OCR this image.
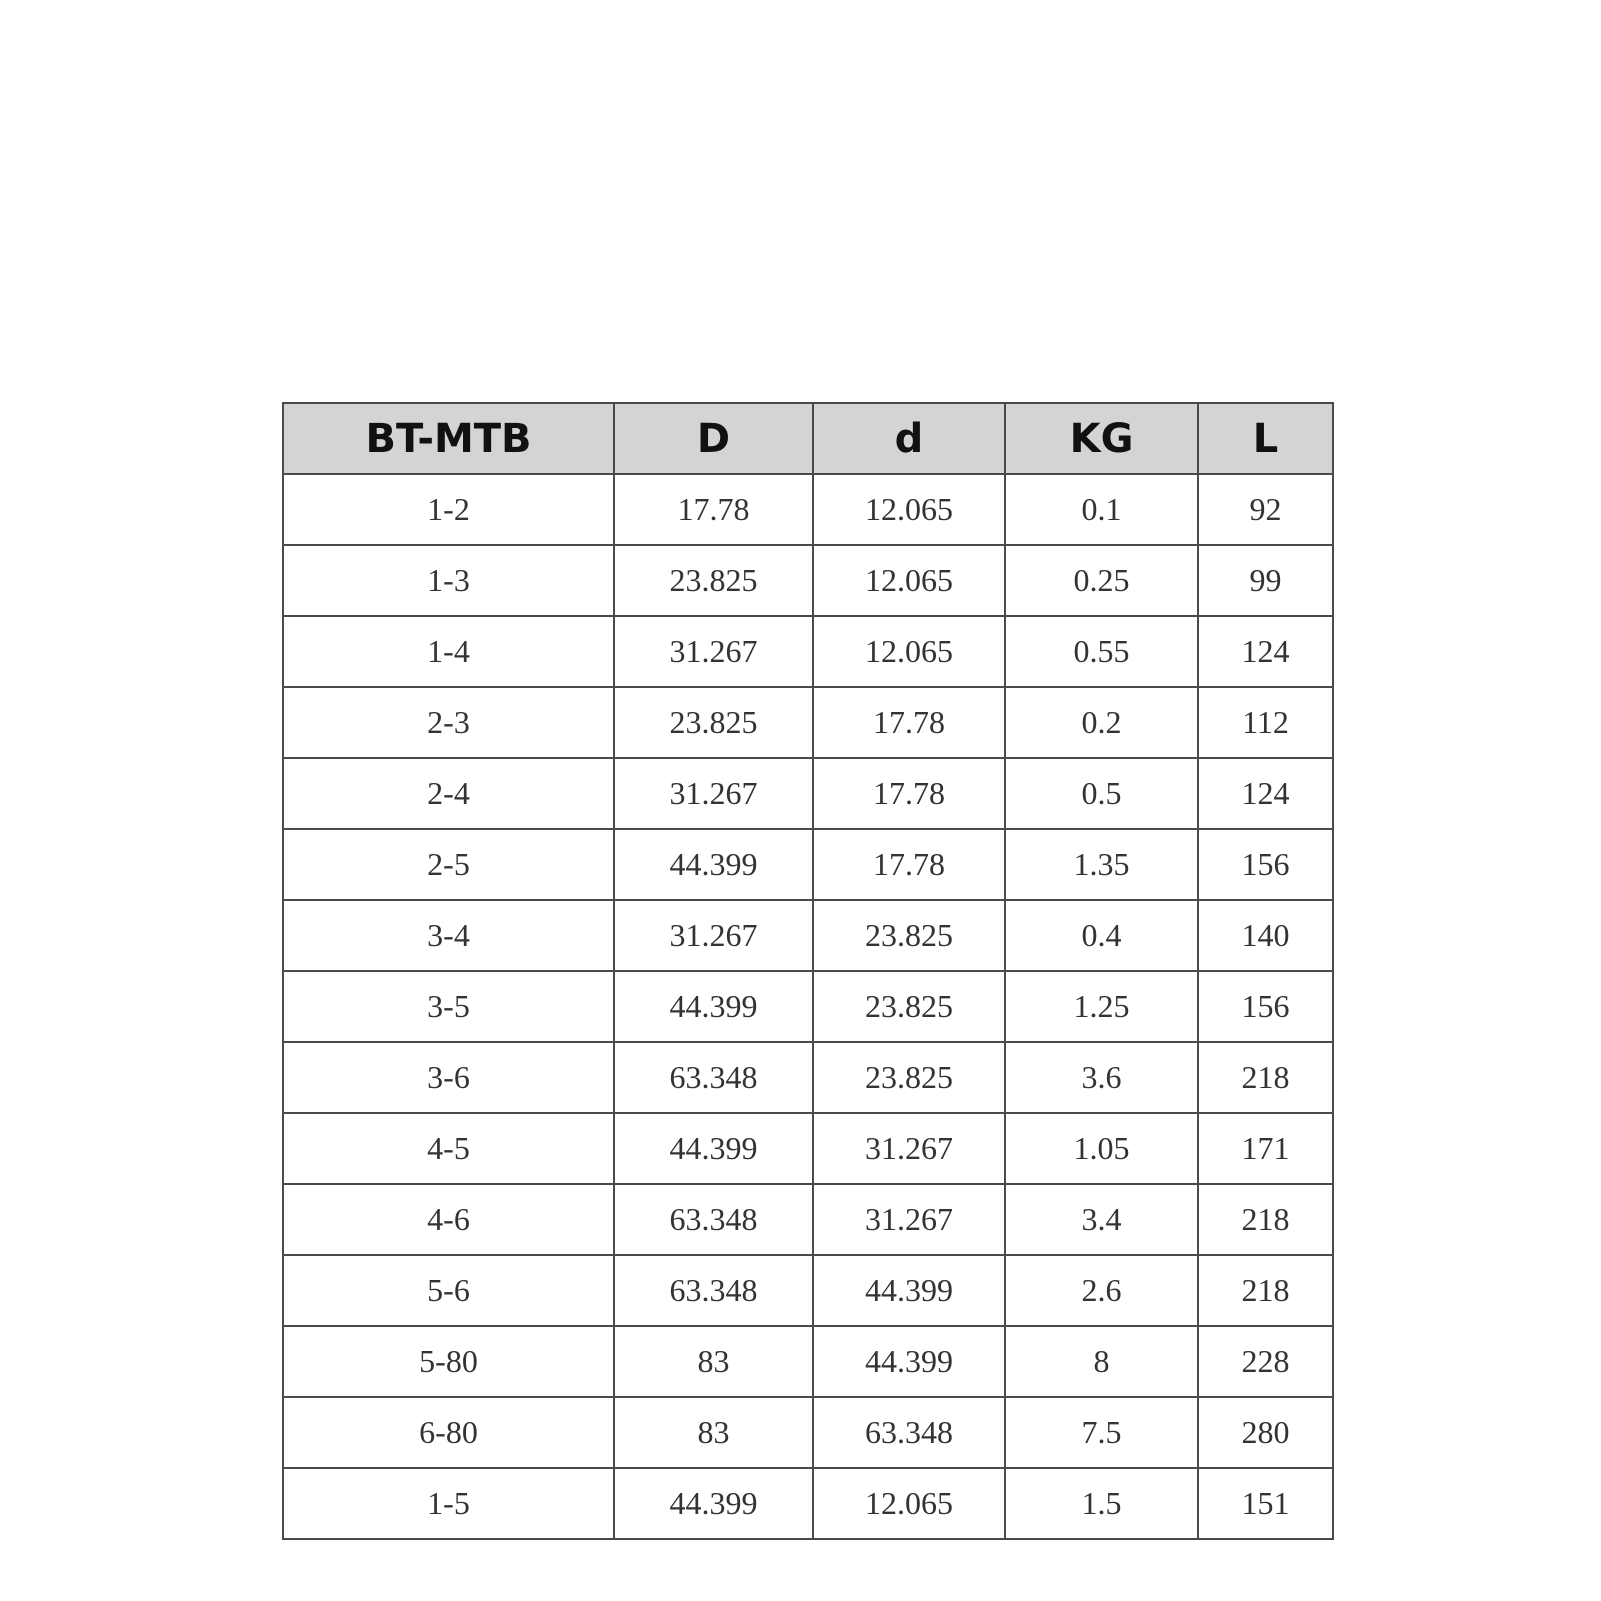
BT-MTB	D	d	KG	L
1-2	17.78	12.065	0.1	92
1-3	23.825	12.065	0.25	99
1-4	31.267	12.065	0.55	124
2-3	23.825	17.78	0.2	112
2-4	31.267	17.78	0.5	124
2-5	44.399	17.78	1.35	156
3-4	31.267	23.825	0.4	140
3-5	44.399	23.825	1.25	156
3-6	63.348	23.825	3.6	218
4-5	44.399	31.267	1.05	171
4-6	63.348	31.267	3.4	218
5-6	63.348	44.399	2.6	218
5-80	83	44.399	8	228
6-80	83	63.348	7.5	280
1-5	44.399	12.065	1.5	151
